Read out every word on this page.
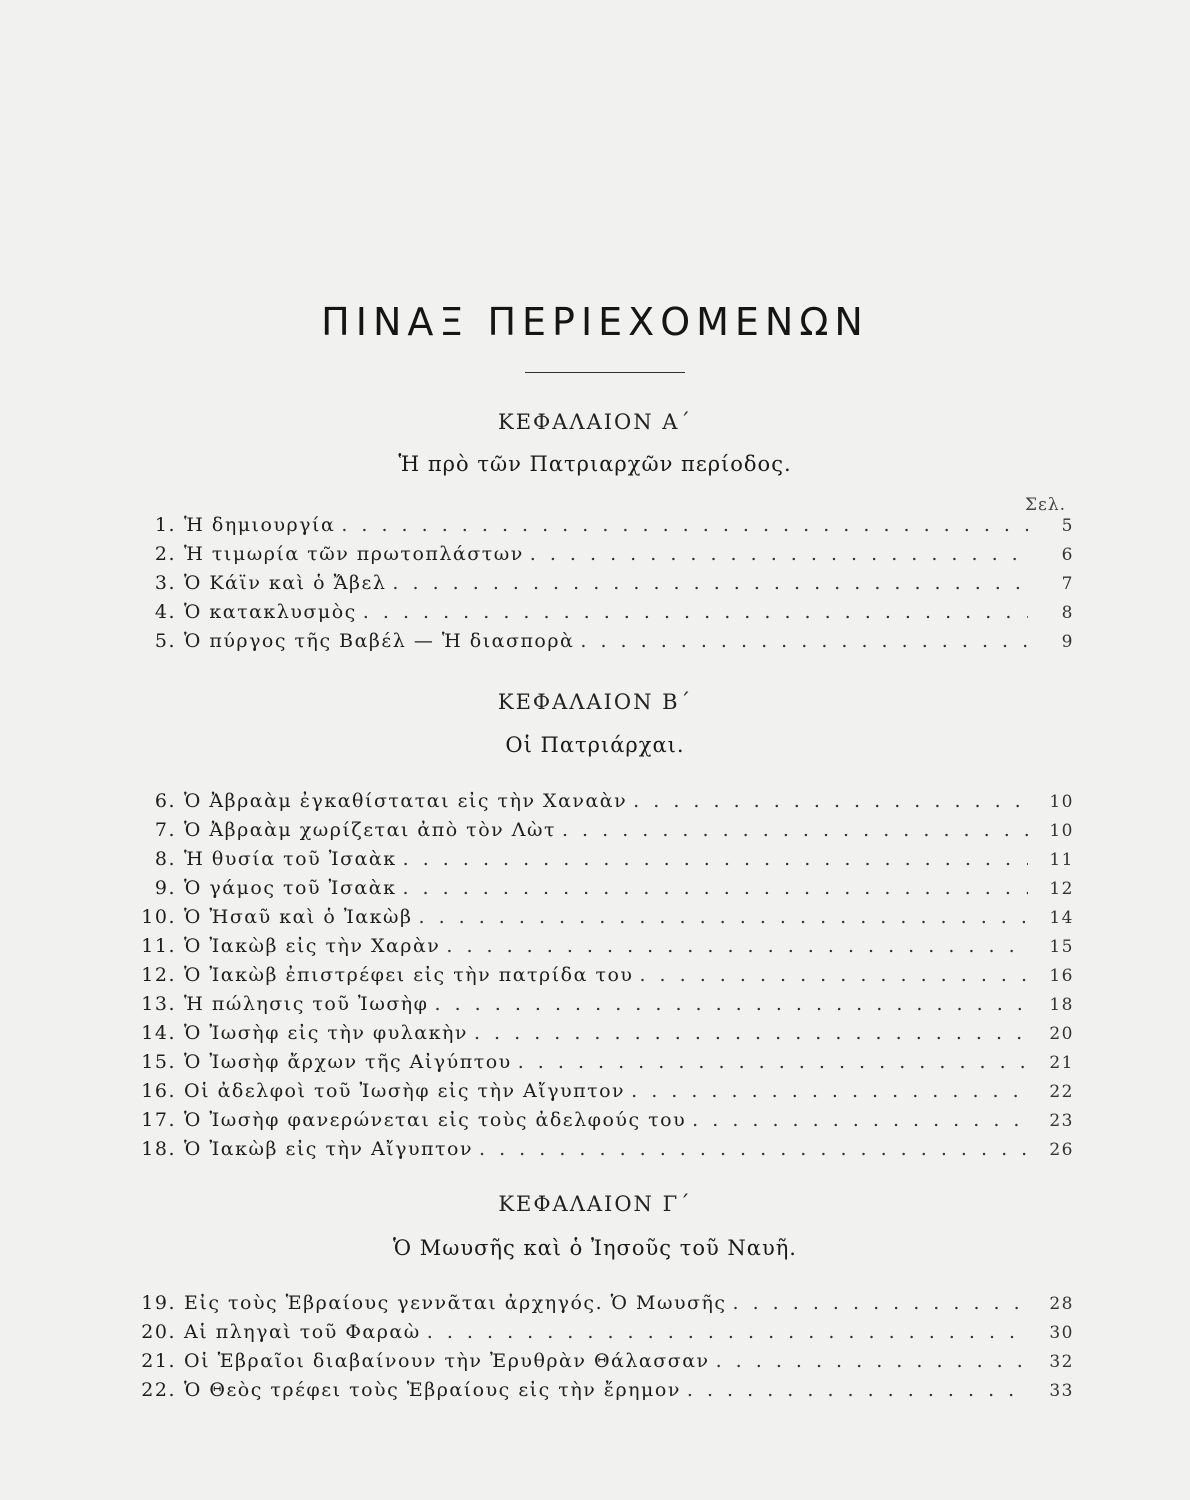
ΠΙΝΑΞ ΠΕΡΙΕΧΟΜΕΝΩΝ
ΚΕΦΑΛΑΙΟΝ Α΄
Ἡ πρὸ τῶν Πατριαρχῶν περίοδος.
Σελ.
1. Ἡ δημιουργία . . .	5
2. Ἡ τιμωρία τῶν πρωτοπλάστων . . .	6
3. Ὁ Κάϊν καὶ ὁ Ἄβελ . . .	7
4. Ὁ κατακλυσμὸς . . .	8
5. Ὁ πύργος τῆς Βαβέλ — Ἡ διασπορὰ . . .	9
ΚΕΦΑΛΑΙΟΝ Β΄
Οἱ Πατριάρχαι.
6. Ὁ Ἀβραὰμ ἐγκαθίσταται εἰς τὴν Χαναὰν . . .	10
7. Ὁ Ἀβραὰμ χωρίζεται ἀπὸ τὸν Λὼτ . . .	10
8. Ἡ θυσία τοῦ Ἰσαὰκ . . .	11
9. Ὁ γάμος τοῦ Ἰσαὰκ . . .	12
10. Ὁ Ἠσαῦ καὶ ὁ Ἰακὼβ . . .	14
11. Ὁ Ἰακὼβ εἰς τὴν Χαρὰν . . .	15
12. Ὁ Ἰακὼβ ἐπιστρέφει εἰς τὴν πατρίδα του . . .	16
13. Ἡ πώλησις τοῦ Ἰωσὴφ . . .	18
14. Ὁ Ἰωσὴφ εἰς τὴν φυλακὴν . . .	20
15. Ὁ Ἰωσὴφ ἄρχων τῆς Αἰγύπτου . . .	21
16. Οἱ ἀδελφοὶ τοῦ Ἰωσὴφ εἰς τὴν Αἴγυπτον . . .	22
17. Ὁ Ἰωσὴφ φανερώνεται εἰς τοὺς ἀδελφούς του . . .	23
18. Ὁ Ἰακὼβ εἰς τὴν Αἴγυπτον . . .	26
ΚΕΦΑΛΑΙΟΝ Γ΄
Ὁ Μωυσῆς καὶ ὁ Ἰησοῦς τοῦ Ναυῆ.
19. Εἰς τοὺς Ἑβραίους γεννᾶται ἀρχηγός. Ὁ Μωυσῆς . . .	28
20. Αἱ πληγαὶ τοῦ Φαραὼ . . .	30
21. Οἱ Ἑβραῖοι διαβαίνουν τὴν Ἐρυθρὰν Θάλασσαν . . .	32
22. Ὁ Θεὸς τρέφει τοὺς Ἑβραίους εἰς τὴν ἔρημον . . .	33
